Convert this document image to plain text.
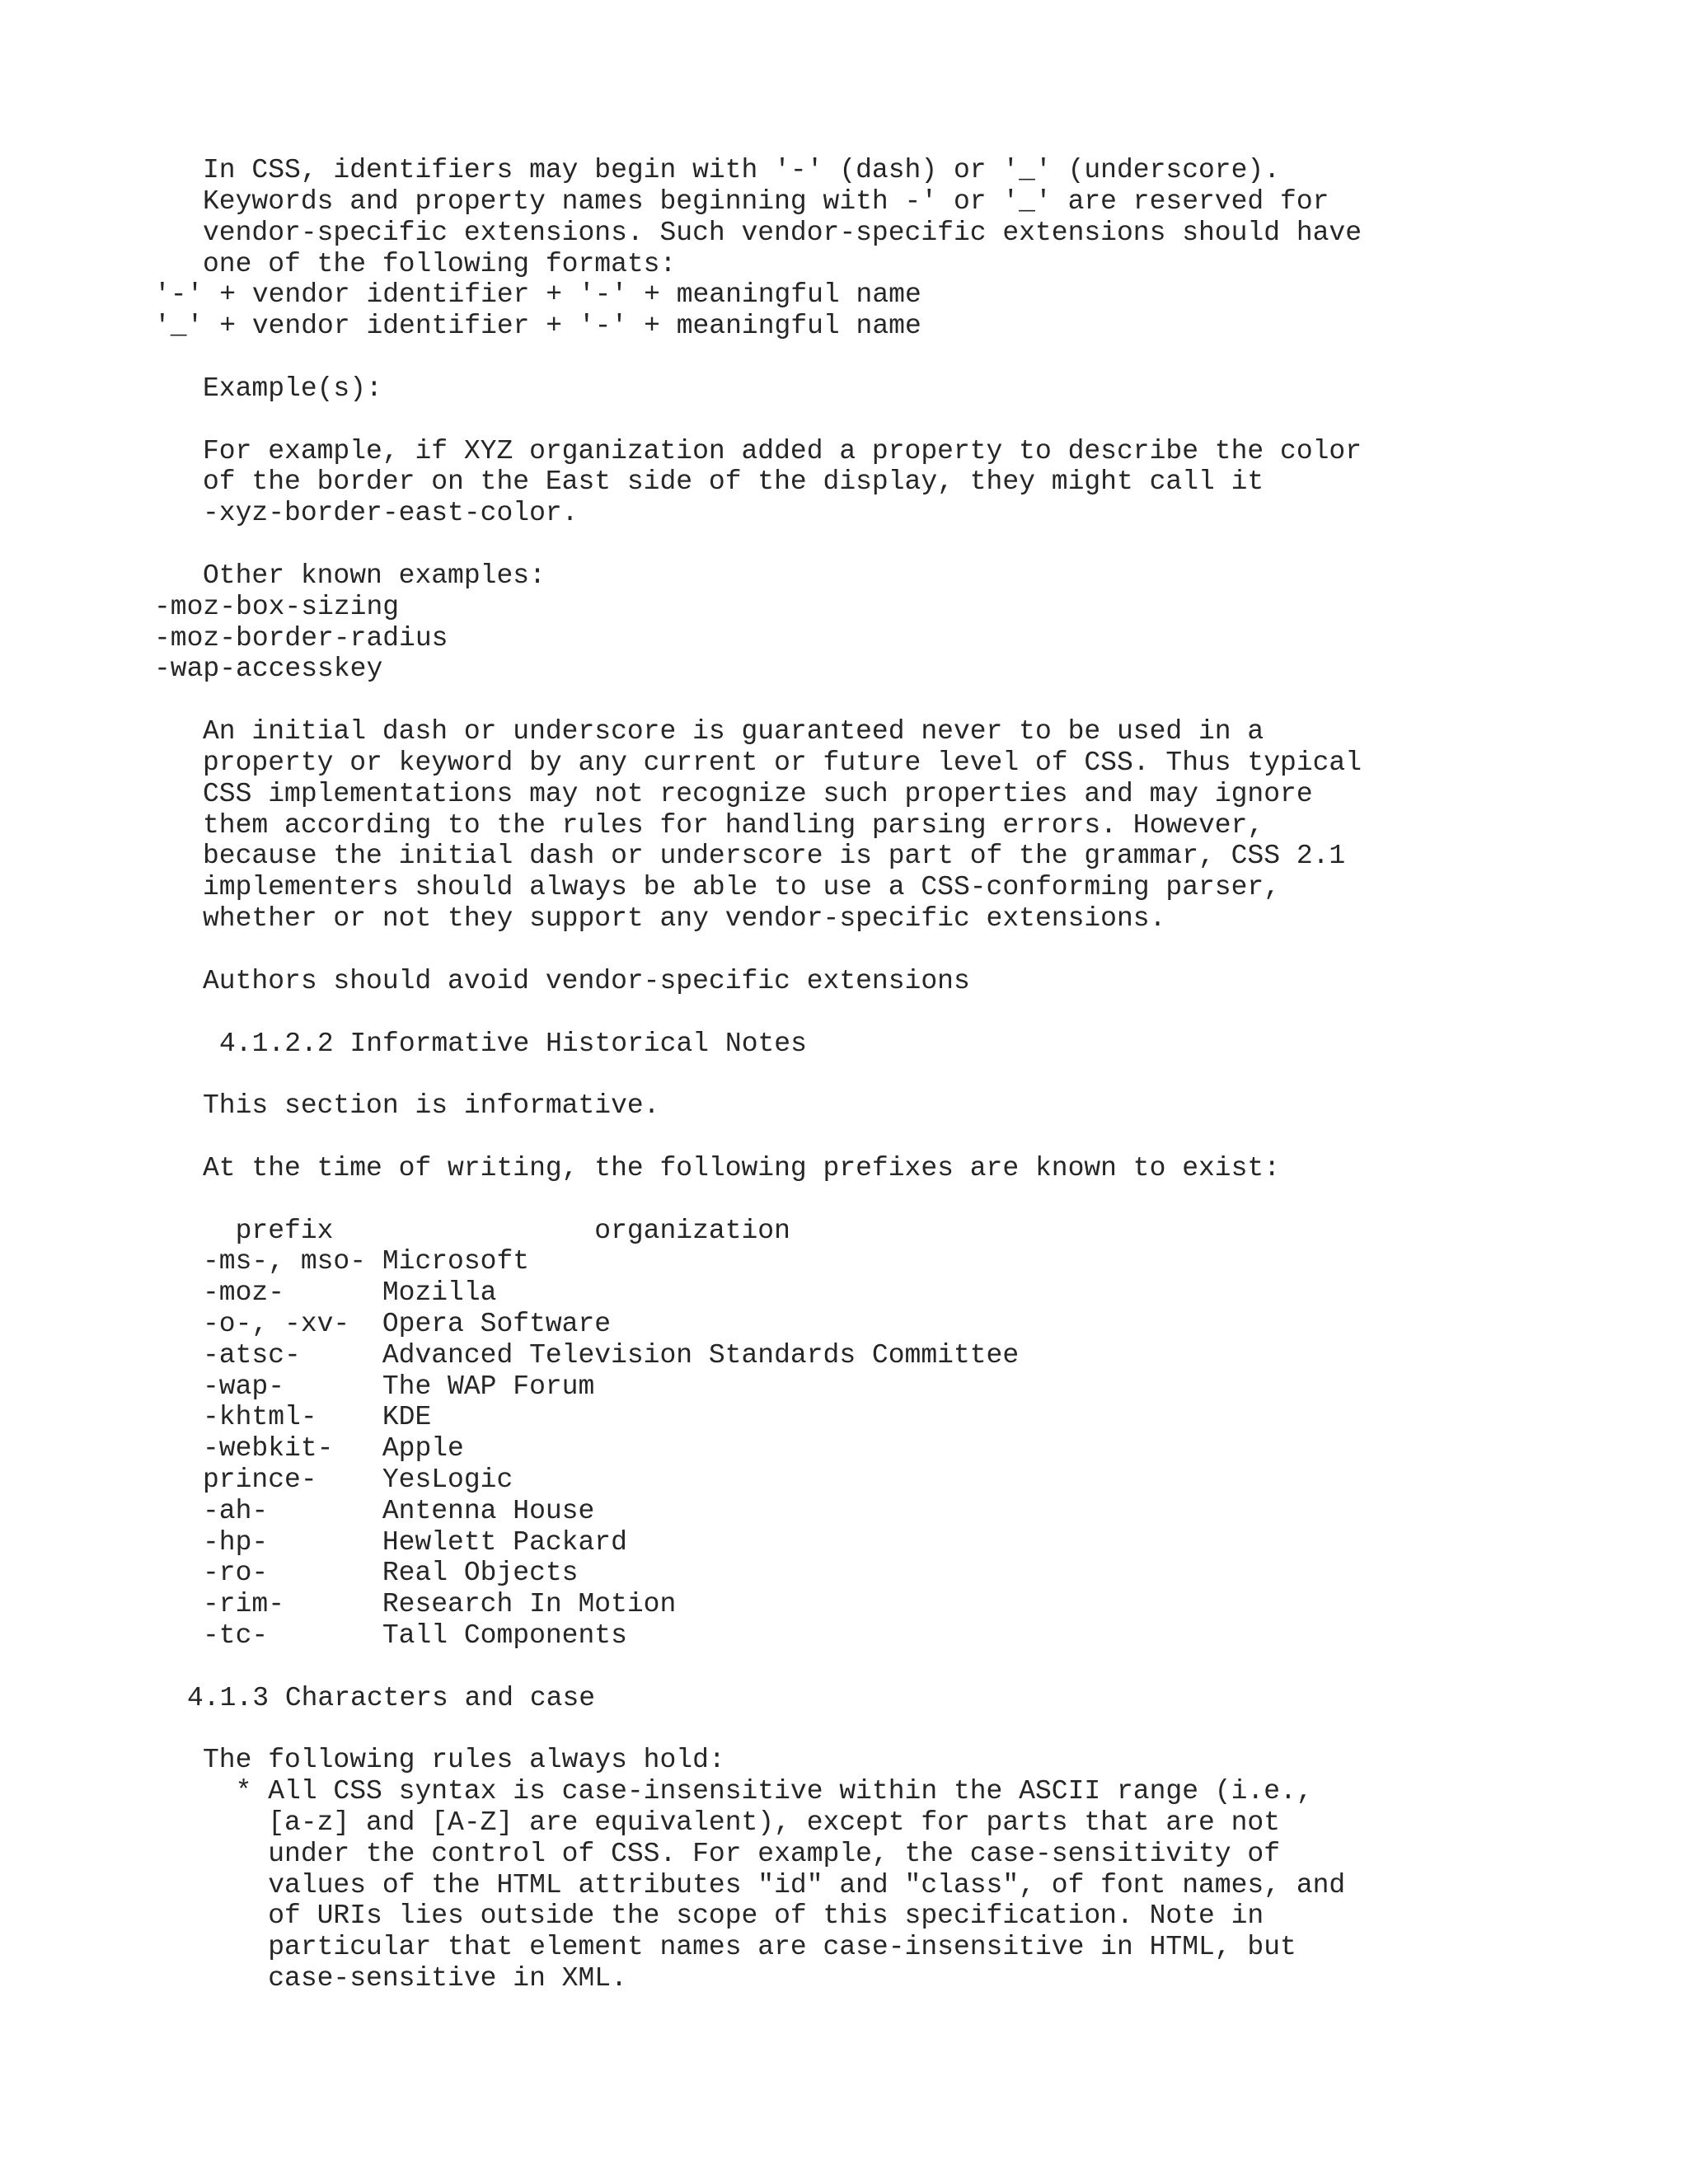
In CSS, identifiers may begin with '-' (dash) or '_' (underscore).
Keywords and property names beginning with -' or '_' are reserved for
vendor-specific extensions. Such vendor-specific extensions should have
one of the following formats:
'-' + vendor identifier + '-' + meaningful name
'_' + vendor identifier + '-' + meaningful name
Example(s):
For example, if XYZ organization added a property to describe the color
of the border on the East side of the display, they might call it
-xyz-border-east-color.
Other known examples:
-moz-box-sizing
-moz-border-radius
-wap-accesskey
An initial dash or underscore is guaranteed never to be used in a
property or keyword by any current or future level of CSS. Thus typical
CSS implementations may not recognize such properties and may ignore
them according to the rules for handling parsing errors. However,
because the initial dash or underscore is part of the grammar, CSS 2.1
implementers should always be able to use a CSS-conforming parser,
whether or not they support any vendor-specific extensions.
Authors should avoid vendor-specific extensions
4.1.2.2 Informative Historical Notes
This section is informative.
At the time of writing, the following prefixes are known to exist:
prefix                organization
-ms-, mso- Microsoft
-moz-      Mozilla
-o-, -xv-  Opera Software
-atsc-     Advanced Television Standards Committee
-wap-      The WAP Forum
-khtml-    KDE
-webkit-   Apple
prince-    YesLogic
-ah-       Antenna House
-hp-       Hewlett Packard
-ro-       Real Objects
-rim-      Research In Motion
-tc-       Tall Components
4.1.3 Characters and case
The following rules always hold:
* All CSS syntax is case-insensitive within the ASCII range (i.e.,
[a-z] and [A-Z] are equivalent), except for parts that are not
under the control of CSS. For example, the case-sensitivity of
values of the HTML attributes "id" and "class", of font names, and
of URIs lies outside the scope of this specification. Note in
particular that element names are case-insensitive in HTML, but
case-sensitive in XML.
